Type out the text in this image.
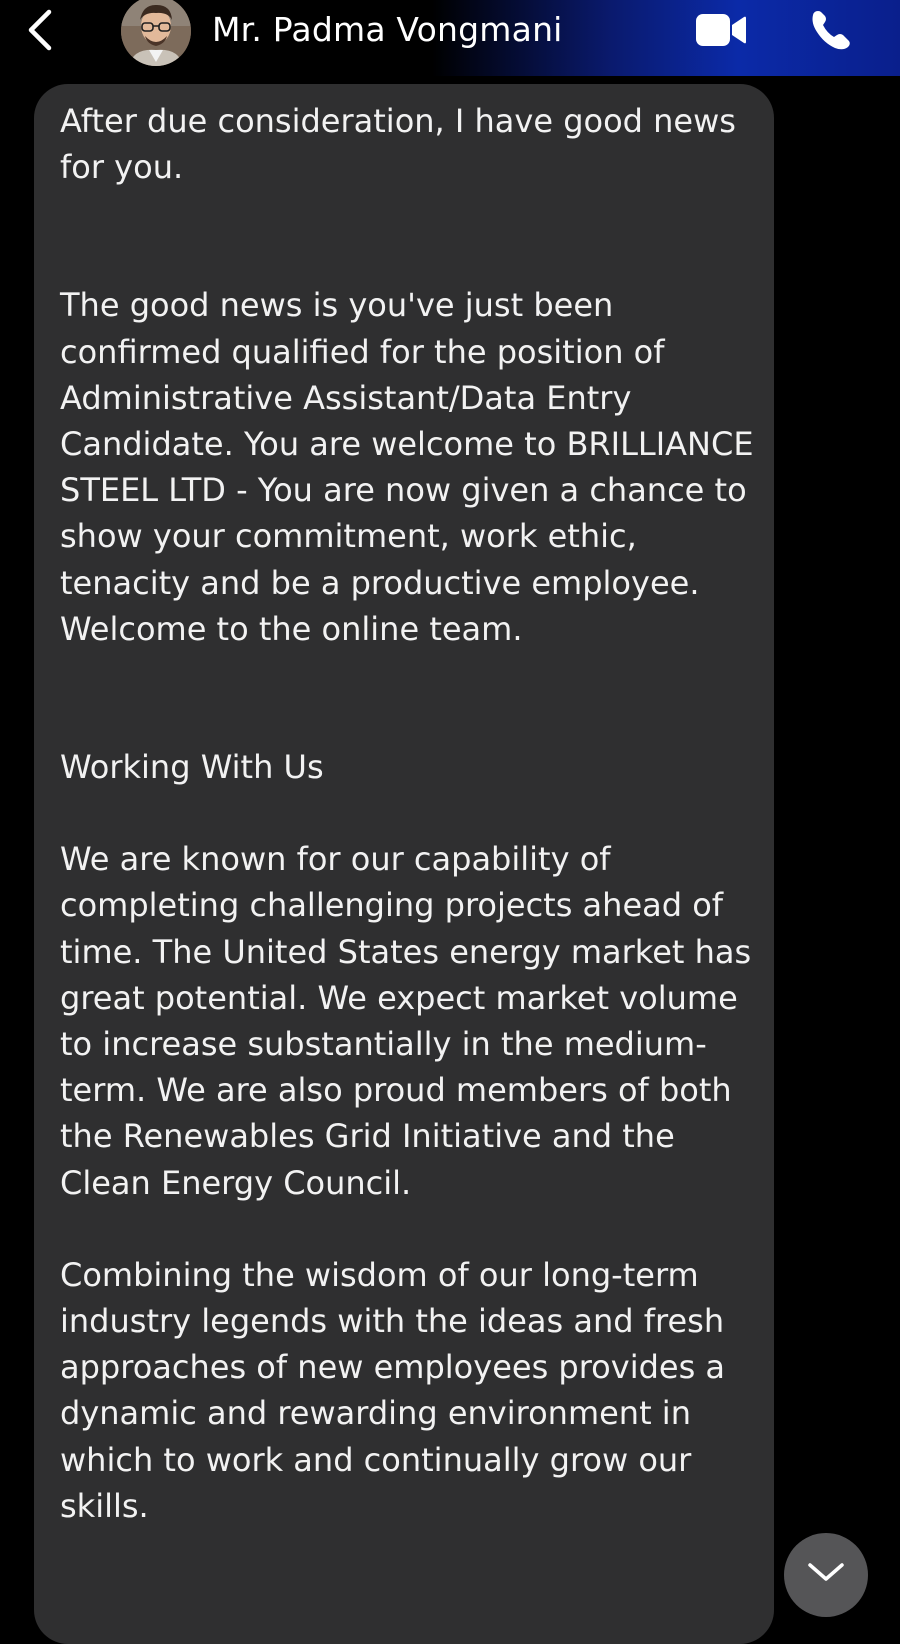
Mr. Padma Vongmani

After due consideration, I have good news for you.

The good news is you've just been confirmed qualified for the position of Administrative Assistant/Data Entry Candidate. You are welcome to BRILLIANCE STEEL LTD - You are now given a chance to show your commitment, work ethic, tenacity and be a productive employee. Welcome to the online team.

Working With Us

We are known for our capability of completing challenging projects ahead of time. The United States energy market has great potential. We expect market volume to increase substantially in the medium-term. We are also proud members of both the Renewables Grid Initiative and the Clean Energy Council.

Combining the wisdom of our long-term industry legends with the ideas and fresh approaches of new employees provides a dynamic and rewarding environment in which to work and continually grow our skills.
